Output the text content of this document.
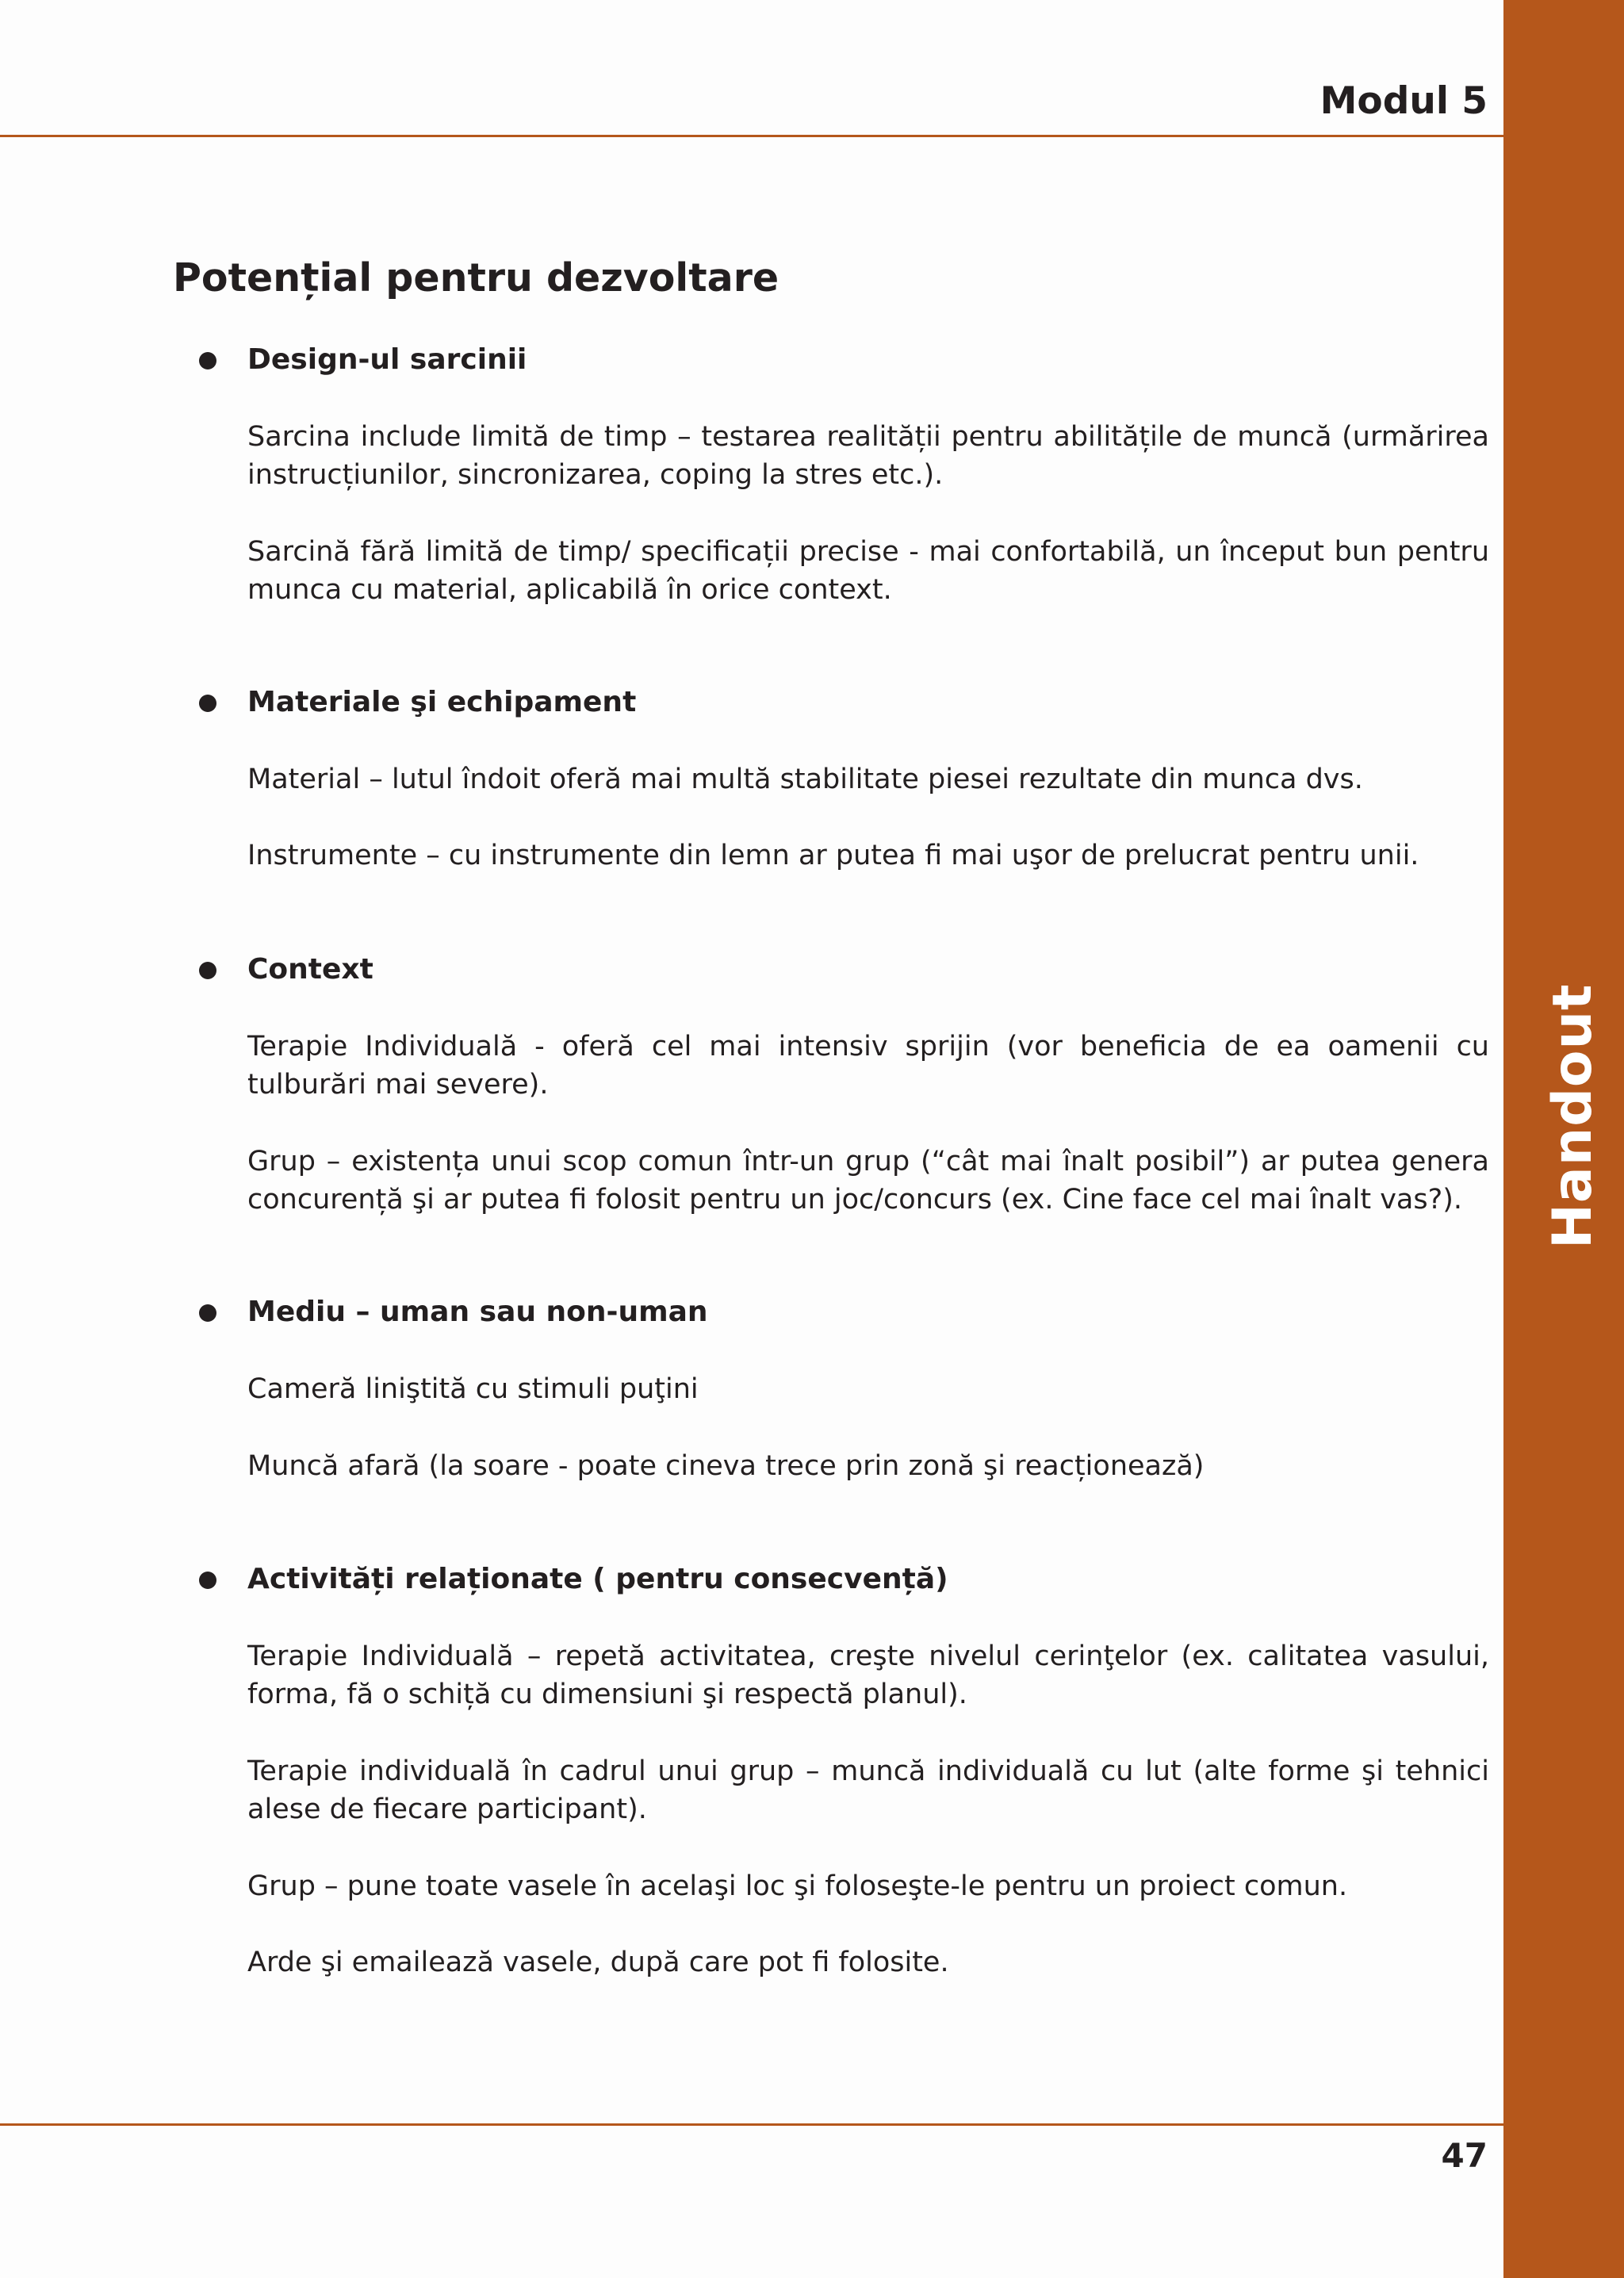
Handout
Modul 5
Potențial pentru dezvoltare
Design-ul sarcinii

Sarcina include limită de timp – testarea realității pentru abilitățile de muncă (urmărirea instrucțiunilor, sincronizarea, coping la stres etc.).

Sarcină fără limită de timp/ specificații precise - mai confortabilă, un început bun pentru munca cu material, aplicabilă în orice context.

Materiale şi echipament

Material – lutul îndoit oferă mai multă stabilitate piesei rezultate din munca dvs.

Instrumente – cu instrumente din lemn ar putea fi mai uşor de prelucrat pentru unii.

Context

Terapie Individuală - oferă cel mai intensiv sprijin (vor beneficia de ea oamenii cu tulburări mai severe).

Grup – existența unui scop comun într-un grup (“cât mai înalt posibil”) ar putea genera concurență şi ar putea fi folosit pentru un joc/concurs (ex. Cine face cel mai înalt vas?).

Mediu – uman sau non-uman

Cameră liniştită cu stimuli puţini

Muncă afară (la soare - poate cineva trece prin zonă şi reacționează)

Activități relaționate ( pentru consecvență)

Terapie Individuală – repetă activitatea, creşte nivelul cerinţelor (ex. calitatea vasului, forma, fă o schiță cu dimensiuni şi respectă planul).

Terapie individuală în cadrul unui grup – muncă individuală cu lut (alte forme şi tehnici alese de fiecare participant).

Grup – pune toate vasele în acelaşi loc şi foloseşte-le pentru un proiect comun.

Arde şi emailează vasele, după care pot fi folosite.

47
